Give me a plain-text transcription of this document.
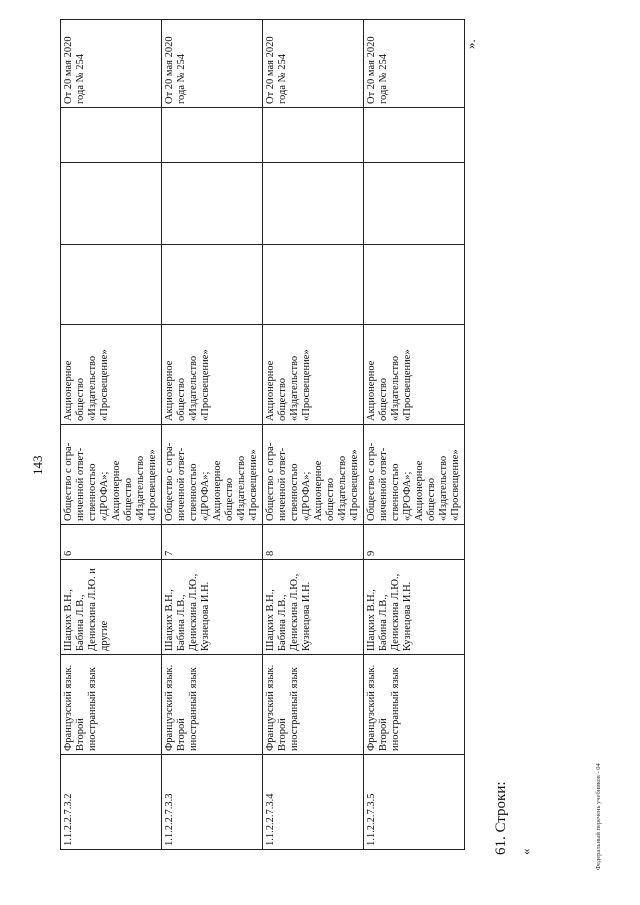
143
1.1.2.2.7.3.2	Французский язык. Второй иностранный язык	Шацких В.Н., Бабина Л.В., Денискина Л.Ю. и другие	6	Общество с огра-ниченной ответ-ственностью «ДРОФА»; Акционерное общество «Издательство «Просвещение»	Акционерное общество «Издательство «Просвещение»				От 20 мая 2020 года № 254
1.1.2.2.7.3.3	Французский язык. Второй иностранный язык	Шацких В.Н., Бабина Л.В., Денискина Л.Ю., Кузнецова И.Н.	7	Общество с огра-ниченной ответ-ственностью «ДРОФА»; Акционерное общество «Издательство «Просвещение»	Акционерное общество «Издательство «Просвещение»				От 20 мая 2020 года № 254
1.1.2.2.7.3.4	Французский язык. Второй иностранный язык	Шацких В.Н., Бабина Л.В., Денискина Л.Ю., Кузнецова И.Н.	8	Общество с огра-ниченной ответ-ственностью «ДРОФА»; Акционерное общество «Издательство «Просвещение»	Акционерное общество «Издательство «Просвещение»				От 20 мая 2020 года № 254
1.1.2.2.7.3.5	Французский язык. Второй иностранный язык	Шацких В.Н., Бабина Л.В., Денискина Л.Ю., Кузнецова И.Н.	9	Общество с огра-ниченной ответ-ственностью «ДРОФА»; Акционерное общество «Издательство «Просвещение»	Акционерное общество «Издательство «Просвещение»				От 20 мая 2020 года № 254
».
61. Строки: «	Федеральный перечень учебников - 04
